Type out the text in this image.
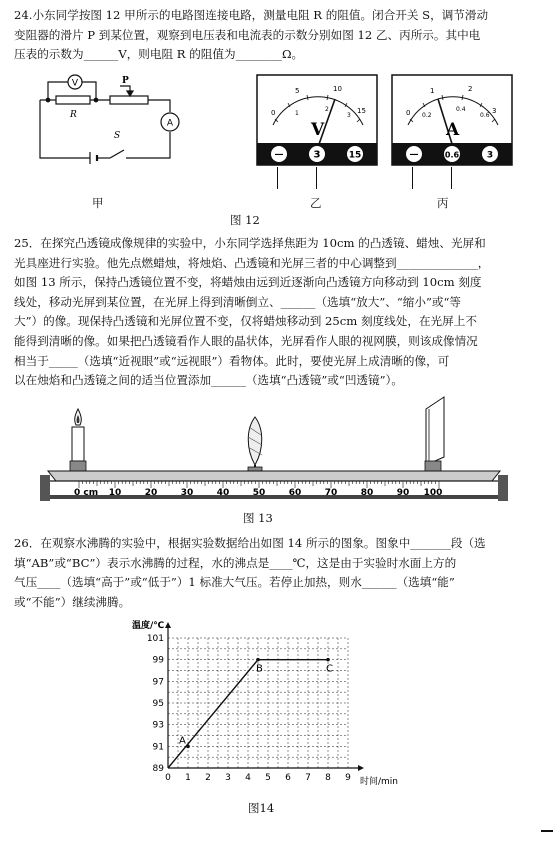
24.小东同学按图 12 甲所示的电路图连接电路，测量电阻 R 的阻值。闭合开关 S，调节滑动
变阻器的滑片 P 到某位置，观察到电压表和电流表的示数分别如图 12 乙、丙所示。其中电
压表的示数为______V，则电阻 R 的阻值为________Ω。
V
A
P
R
S
0
5	10
15
1
2
3
V
—	3	15
0
1	2
3
0.2
0.4
0.6
A
—	0.6	3
甲	乙	丙
图 12
25．在探究凸透镜成像规律的实验中，小东同学选择焦距为 10cm 的凸透镜、蜡烛、光屏和
光具座进行实验。他先点燃蜡烛，将烛焰、凸透镜和光屏三者的中心调整到______________，
如图 13 所示，保持凸透镜位置不变，将蜡烛由远到近逐渐向凸透镜方向移动到 10cm 刻度
线处，移动光屏到某位置，在光屏上得到清晰倒立、______（选填“放大”、“缩小”或“等
大”）的像。现保持凸透镜和光屏位置不变，仅将蜡烛移动到 25cm 刻度线处，在光屏上不
能得到清晰的像。如果把凸透镜看作人眼的晶状体，光屏看作人眼的视网膜，则该成像情况
相当于_____（选填“近视眼”或“远视眼”）看物体。此时，要使光屏上成清晰的像，可
以在烛焰和凸透镜之间的适当位置添加______（选填“凸透镜”或“凹透镜”）。
0 cm 10	20	30	40	50	60	70	80	90 100
图 13
26．在观察水沸腾的实验中，根据实验数据给出如图 14 所示的图象。图象中_______段（选
填“AB”或“BC”）表示水沸腾的过程，水的沸点是____℃，这是由于实验时水面上方的
气压____（选填“高于”或“低于”）1 标准大气压。若停止加热，则水______（选填“能”
或“不能”）继续沸腾。
0 1 2 3 4 5 6 7 8 9
89
91
93
95
97
99
101
A
B	C
温度/℃
时间/min
图14
